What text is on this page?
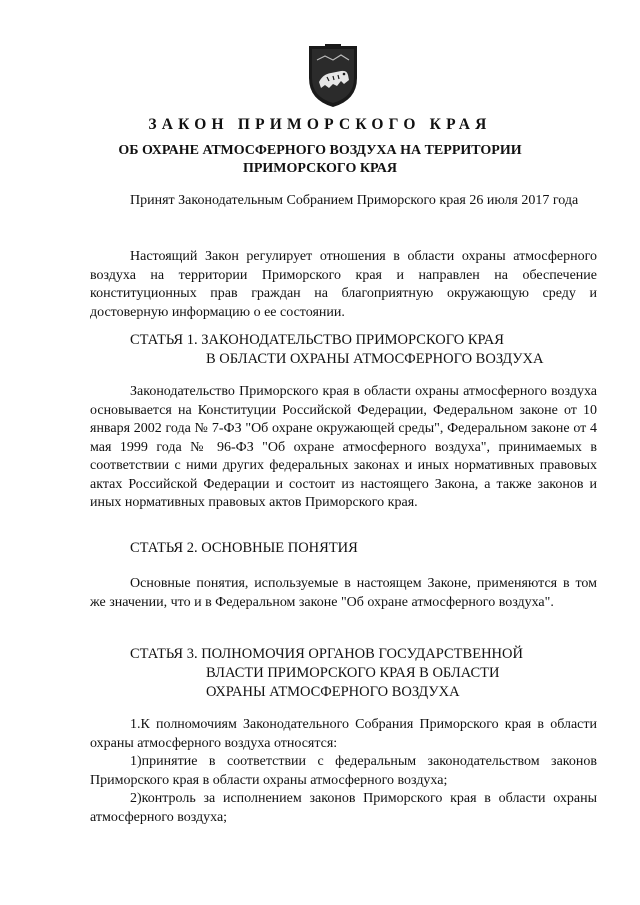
ЗАКОН ПРИМОРСКОГО КРАЯ
ОБ ОХРАНЕ АТМОСФЕРНОГО ВОЗДУХА НА ТЕРРИТОРИИ ПРИМОРСКОГО КРАЯ

Принят Законодательным Собранием Приморского края 26 июля 2017 года

Настоящий Закон регулирует отношения в области охраны атмосферного воздуха на территории Приморского края и направлен на обеспечение конституционных прав граждан на благоприятную окружающую среду и достоверную информацию о ее состоянии.

СТАТЬЯ 1. ЗАКОНОДАТЕЛЬСТВО ПРИМОРСКОГО КРАЯ
В ОБЛАСТИ ОХРАНЫ АТМОСФЕРНОГО ВОЗДУХА

Законодательство Приморского края в области охраны атмосферного воздуха основывается на Конституции Российской Федерации, Федеральном законе от 10 января 2002 года № 7-ФЗ "Об охране окружающей среды", Федеральном законе от 4 мая 1999 года № 96-ФЗ "Об охране атмосферного воздуха", принимаемых в соответствии с ними других федеральных законах и иных нормативных правовых актах Российской Федерации и состоит из настоящего Закона, а также законов и иных нормативных правовых актов Приморского края.

СТАТЬЯ 2. ОСНОВНЫЕ ПОНЯТИЯ

Основные понятия, используемые в настоящем Законе, применяются в том же значении, что и в Федеральном законе "Об охране атмосферного воздуха".

СТАТЬЯ 3. ПОЛНОМОЧИЯ ОРГАНОВ ГОСУДАРСТВЕННОЙ
ВЛАСТИ ПРИМОРСКОГО КРАЯ В ОБЛАСТИ
ОХРАНЫ АТМОСФЕРНОГО ВОЗДУХА

1.К полномочиям Законодательного Собрания Приморского края в области охраны атмосферного воздуха относятся:

1)принятие в соответствии с федеральным законодательством законов Приморского края в области охраны атмосферного воздуха;

2)контроль за исполнением законов Приморского края в области охраны атмосферного воздуха;
